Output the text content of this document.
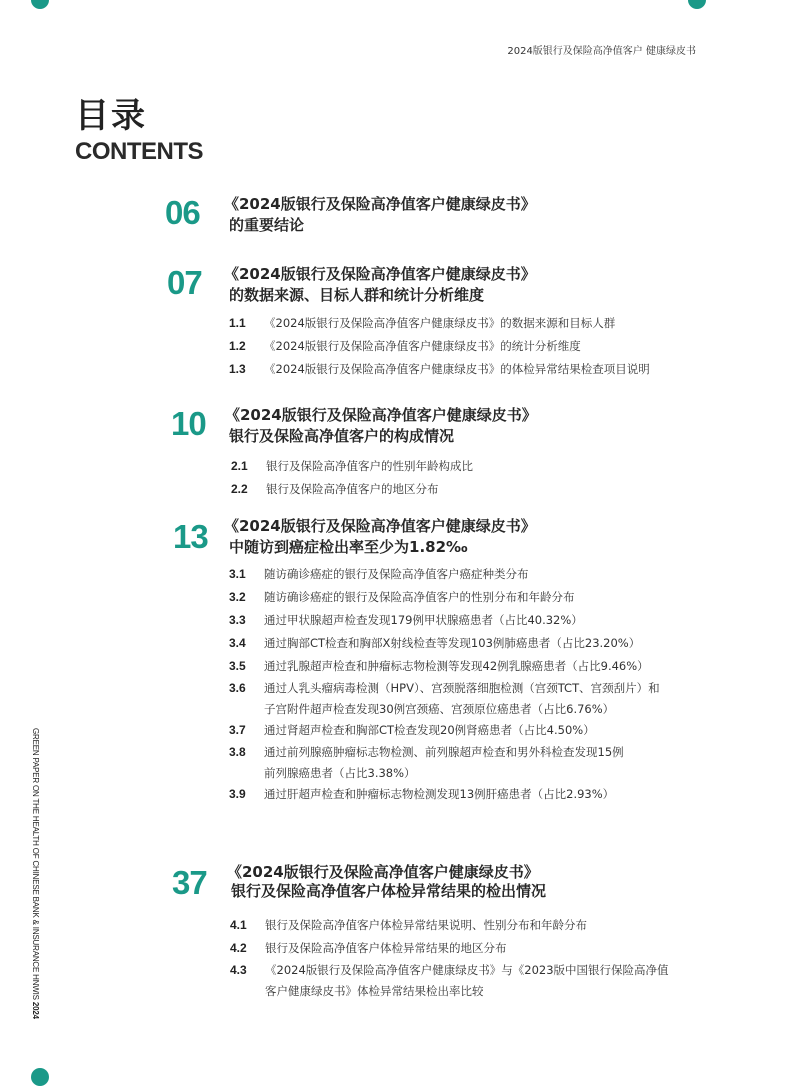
2024版银行及保险高净值客户 健康绿皮书
目录
CONTENTS
GREEN PAPER ON THE HEALTH OF CHINESE BANK & INSURANCE HNWIS 2024
06 《2024版银行及保险高净值客户健康绿皮书》
的重要结论
07 《2024版银行及保险高净值客户健康绿皮书》
的数据来源、目标人群和统计分析维度
1.1 《2024版银行及保险高净值客户健康绿皮书》的数据来源和目标人群
1.2 《2024版银行及保险高净值客户健康绿皮书》的统计分析维度
1.3 《2024版银行及保险高净值客户健康绿皮书》的体检异常结果检查项目说明
10 《2024版银行及保险高净值客户健康绿皮书》
银行及保险高净值客户的构成情况
2.1 银行及保险高净值客户的性别年龄构成比
2.2 银行及保险高净值客户的地区分布
13 《2024版银行及保险高净值客户健康绿皮书》
中随访到癌症检出率至少为1.82‰
3.1 随访确诊癌症的银行及保险高净值客户癌症种类分布
3.2 随访确诊癌症的银行及保险高净值客户的性别分布和年龄分布
3.3 通过甲状腺超声检查发现179例甲状腺癌患者（占比40.32%）
3.4 通过胸部CT检查和胸部X射线检查等发现103例肺癌患者（占比23.20%）
3.5 通过乳腺超声检查和肿瘤标志物检测等发现42例乳腺癌患者（占比9.46%）
3.6 通过人乳头瘤病毒检测（HPV）、宫颈脱落细胞检测（宫颈TCT、宫颈刮片）和
子宫附件超声检查发现30例宫颈癌、宫颈原位癌患者（占比6.76%）
3.7 通过肾超声检查和胸部CT检查发现20例肾癌患者（占比4.50%）
3.8 通过前列腺癌肿瘤标志物检测、前列腺超声检查和男外科检查发现15例
前列腺癌患者（占比3.38%）
3.9 通过肝超声检查和肿瘤标志物检测发现13例肝癌患者（占比2.93%）
37 《2024版银行及保险高净值客户健康绿皮书》
银行及保险高净值客户体检异常结果的检出情况
4.1 银行及保险高净值客户体检异常结果说明、性别分布和年龄分布
4.2 银行及保险高净值客户体检异常结果的地区分布
4.3 《2024版银行及保险高净值客户健康绿皮书》与《2023版中国银行保险高净值
客户健康绿皮书》体检异常结果检出率比较
